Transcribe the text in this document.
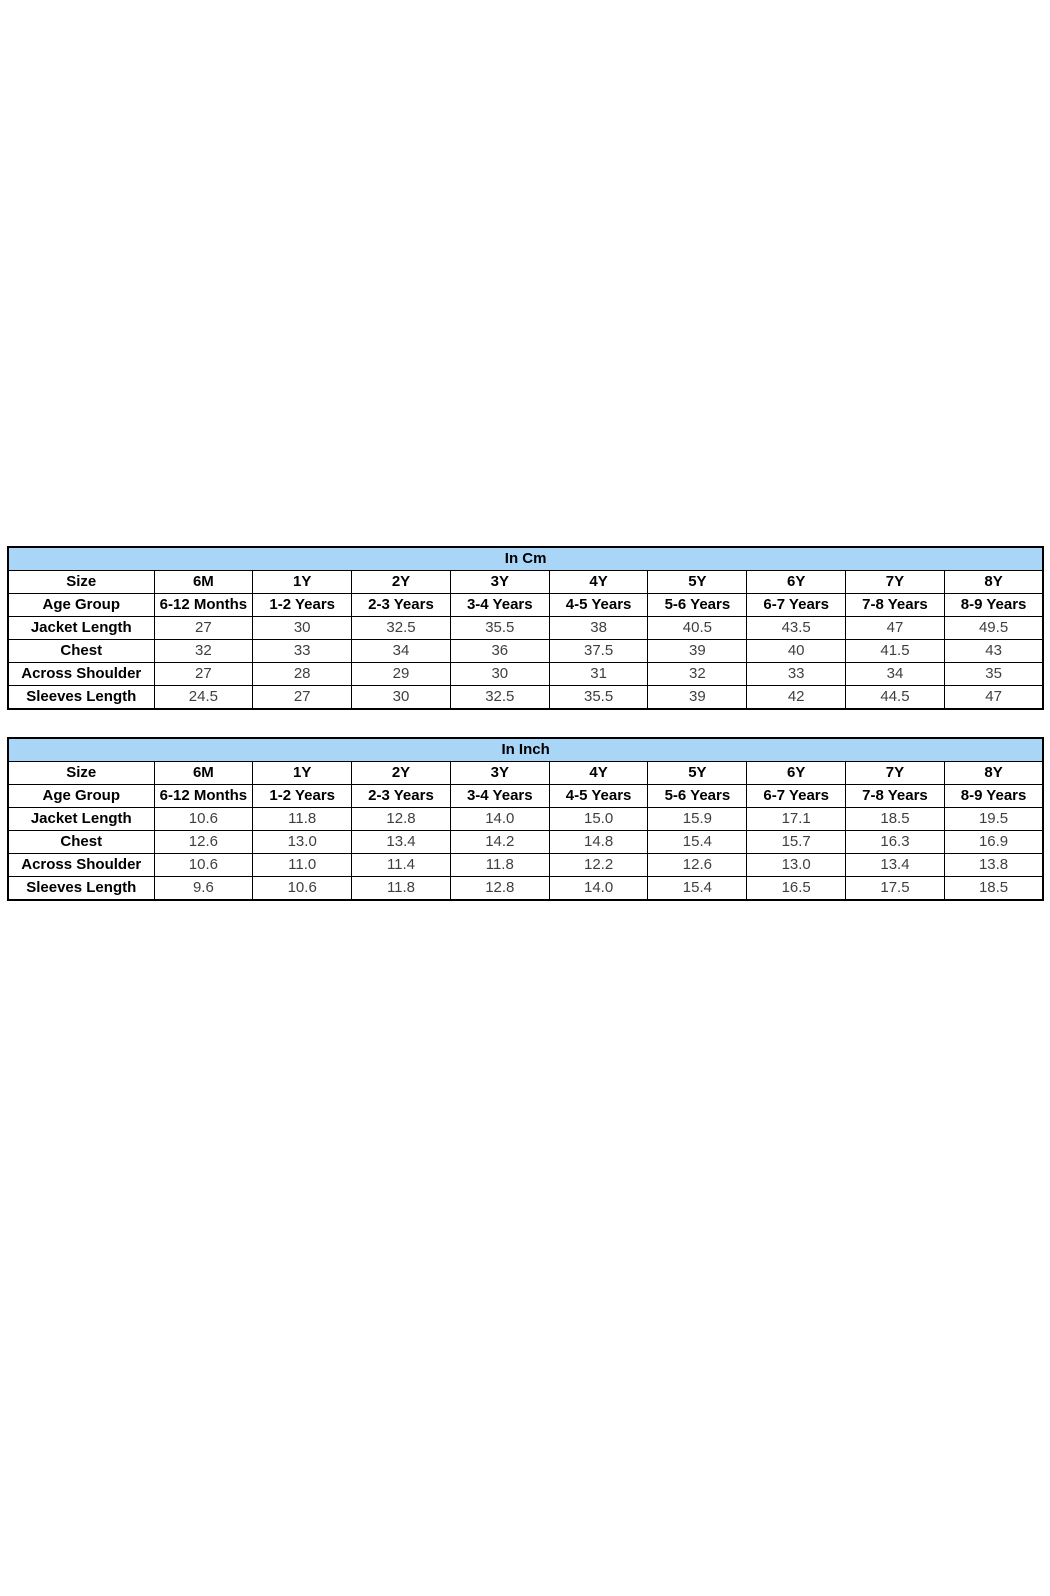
In Cm									
Size	6M	1Y	2Y	3Y	4Y	5Y	6Y	7Y	8Y
Age Group	6-12 Months	1-2 Years	2-3 Years	3-4 Years	4-5 Years	5-6 Years	6-7 Years	7-8 Years	8-9 Years
Jacket Length	27	30	32.5	35.5	38	40.5	43.5	47	49.5
Chest	32	33	34	36	37.5	39	40	41.5	43
Across Shoulder	27	28	29	30	31	32	33	34	35
Sleeves Length	24.5	27	30	32.5	35.5	39	42	44.5	47
In Inch									
Size	6M	1Y	2Y	3Y	4Y	5Y	6Y	7Y	8Y
Age Group	6-12 Months	1-2 Years	2-3 Years	3-4 Years	4-5 Years	5-6 Years	6-7 Years	7-8 Years	8-9 Years
Jacket Length	10.6	11.8	12.8	14.0	15.0	15.9	17.1	18.5	19.5
Chest	12.6	13.0	13.4	14.2	14.8	15.4	15.7	16.3	16.9
Across Shoulder	10.6	11.0	11.4	11.8	12.2	12.6	13.0	13.4	13.8
Sleeves Length	9.6	10.6	11.8	12.8	14.0	15.4	16.5	17.5	18.5
